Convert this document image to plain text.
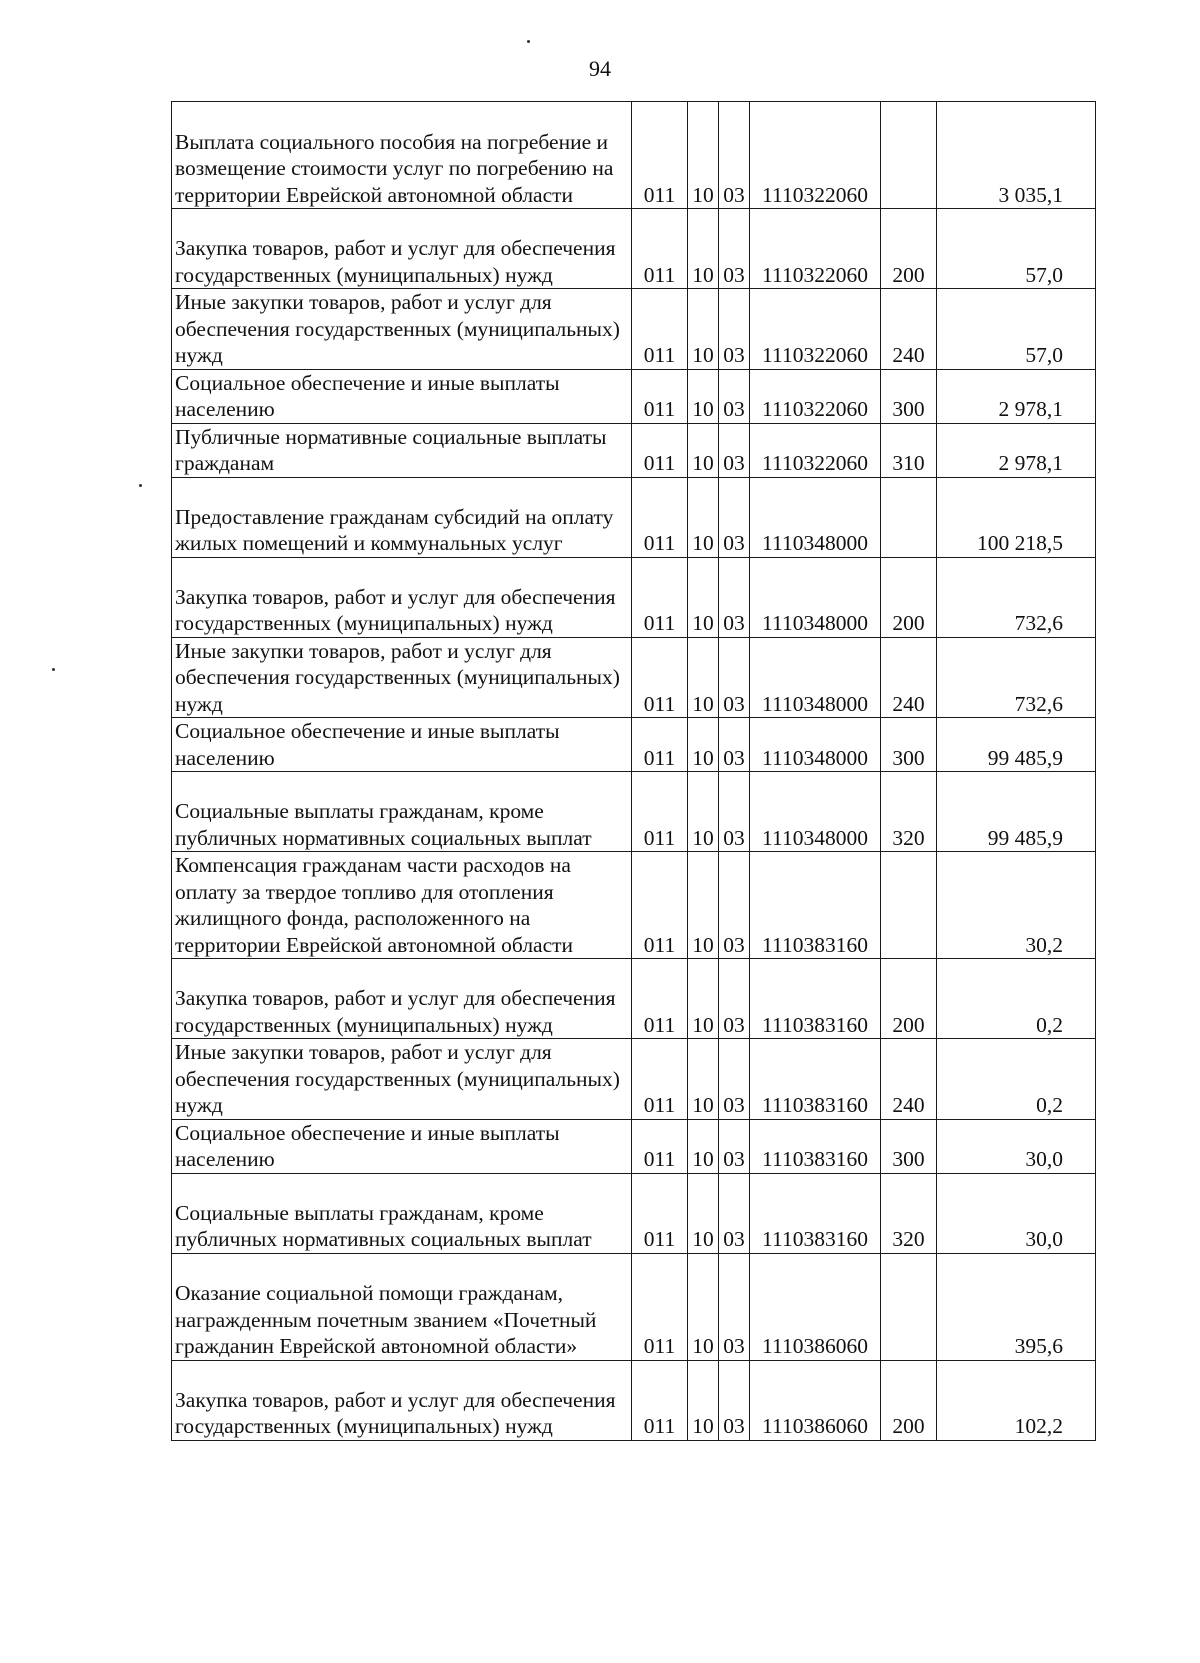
94
Выплата социального пособия на погребение и возмещение стоимости услуг по погребению на территории Еврейской автономной области	011	10	03	1110322060		3 035,1
Закупка товаров, работ и услуг для обеспечения государственных (муниципальных) нужд	011	10	03	1110322060	200	57,0
Иные закупки товаров, работ и услуг для обеспечения государственных (муниципальных) нужд	011	10	03	1110322060	240	57,0
Социальное обеспечение и иные выплаты населению	011	10	03	1110322060	300	2 978,1
Публичные нормативные социальные выплаты гражданам	011	10	03	1110322060	310	2 978,1
Предоставление гражданам субсидий на оплату жилых помещений и коммунальных услуг	011	10	03	1110348000		100 218,5
Закупка товаров, работ и услуг для обеспечения государственных (муниципальных) нужд	011	10	03	1110348000	200	732,6
Иные закупки товаров, работ и услуг для обеспечения государственных (муниципальных) нужд	011	10	03	1110348000	240	732,6
Социальное обеспечение и иные выплаты населению	011	10	03	1110348000	300	99 485,9
Социальные выплаты гражданам, кроме публичных нормативных социальных выплат	011	10	03	1110348000	320	99 485,9
Компенсация гражданам части расходов на оплату за твердое топливо для отопления жилищного фонда, расположенного на территории Еврейской автономной области	011	10	03	1110383160		30,2
Закупка товаров, работ и услуг для обеспечения государственных (муниципальных) нужд	011	10	03	1110383160	200	0,2
Иные закупки товаров, работ и услуг для обеспечения государственных (муниципальных) нужд	011	10	03	1110383160	240	0,2
Социальное обеспечение и иные выплаты населению	011	10	03	1110383160	300	30,0
Социальные выплаты гражданам, кроме публичных нормативных социальных выплат	011	10	03	1110383160	320	30,0
Оказание социальной помощи гражданам, награжденным почетным званием «Почетный гражданин Еврейской автономной области»	011	10	03	1110386060		395,6
Закупка товаров, работ и услуг для обеспечения государственных (муниципальных) нужд	011	10	03	1110386060	200	102,2
